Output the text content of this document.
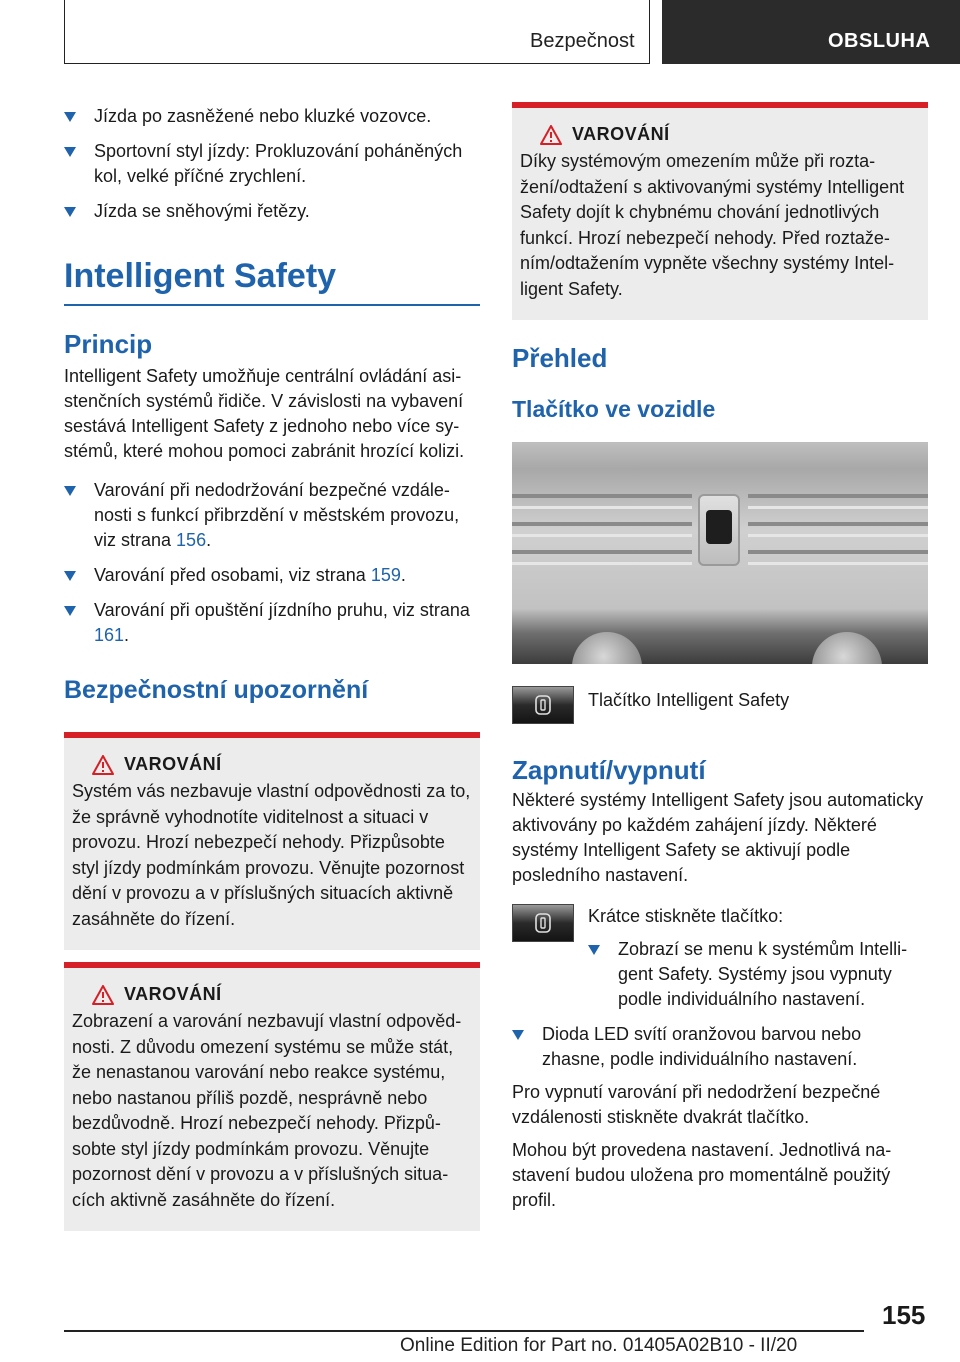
Bezpečnost	OBSLUHA
Jízda po zasněžené nebo kluzké vozovce.
Sportovní styl jízdy: Prokluzování poháněných kol, velké příčné zrychlení.
Jízda se sněhovými řetězy.
Intelligent Safety
Princip
Intelligent Safety umožňuje centrální ovládání asistenčních systémů řidiče. V závislosti na vybavení sestává Intelligent Safety z jednoho nebo více systémů, které mohou pomoci zabránit hrozící kolizi.
Varování při nedodržování bezpečné vzdálenosti s funkcí přibrzdění v městském provozu, viz strana 156.
Varování před osobami, viz strana 159.
Varování při opuštění jízdního pruhu, viz strana 161.
Bezpečnostní upozornění
VAROVÁNÍ
Systém vás nezbavuje vlastní odpovědnosti za to, že správně vyhodnotíte viditelnost a situaci v provozu. Hrozí nebezpečí nehody. Přizpůsobte styl jízdy podmínkám provozu. Věnujte pozornost dění v provozu a v příslušných situacích aktivně zasáhněte do řízení.
VAROVÁNÍ
Zobrazení a varování nezbavují vlastní odpovědnosti. Z důvodu omezení systému se může stát, že nenastanou varování nebo reakce systému, nebo nastanou příliš pozdě, nesprávně nebo bezdůvodně. Hrozí nebezpečí nehody. Přizpůsobte styl jízdy podmínkám provozu. Věnujte pozornost dění v provozu a v příslušných situacích aktivně zasáhněte do řízení.
VAROVÁNÍ
Díky systémovým omezením může při roztažení/odtažení s aktivovanými systémy Intelligent Safety dojít k chybnému chování jednotlivých funkcí. Hrozí nebezpečí nehody. Před roztažením/odtažením vypněte všechny systémy Intelligent Safety.
Přehled
Tlačítko ve vozidle
Tlačítko Intelligent Safety
Zapnutí/vypnutí
Některé systémy Intelligent Safety jsou automaticky aktivovány po každém zahájení jízdy. Některé systémy Intelligent Safety se aktivují podle posledního nastavení.
Krátce stiskněte tlačítko:
Zobrazí se menu k systémům Intelligent Safety. Systémy jsou vypnuty podle individuálního nastavení.
Dioda LED svítí oranžovou barvou nebo zhasne, podle individuálního nastavení.
Pro vypnutí varování při nedodržení bezpečné vzdálenosti stiskněte dvakrát tlačítko.
Mohou být provedena nastavení. Jednotlivá nastavení budou uložena pro momentálně použitý profil.
155
Online Edition for Part no. 01405A02B10 - II/20
